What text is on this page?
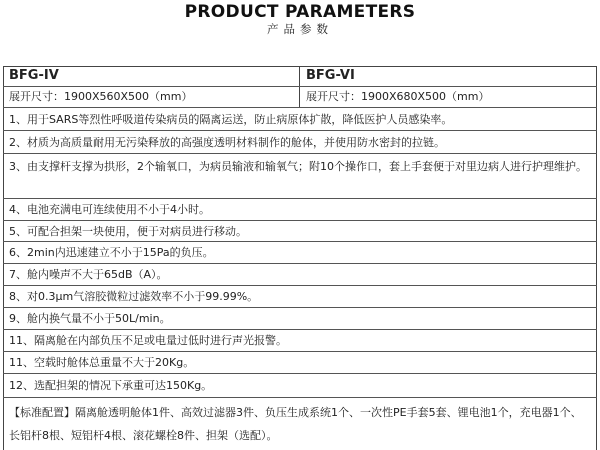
PRODUCT PARAMETERS
产品参数
BFG-IV	BFG-VI
展开尺寸：1900X560X500（mm）	展开尺寸：1900X680X500（mm）
1、用于SARS等烈性呼吸道传染病员的隔离运送，防止病原体扩散，降低医护人员感染率。
2、材质为高质量耐用无污染释放的高强度透明材料制作的舱体，并使用防水密封的拉链。
3、由支撑杆支撑为拱形，2个输氧口，为病员输液和输氧气；附10个操作口，套上手套便于对里边病人进行护理维护。
4、电池充满电可连续使用不小于4小时。
5、可配合担架一块使用，便于对病员进行移动。
6、2min内迅速建立不小于15Pa的负压。
7、舱内噪声不大于65dB（A）。
8、对0.3μm气溶胶微粒过滤效率不小于99.99%。
9、舱内换气量不小于50L/min。
11、隔离舱在内部负压不足或电量过低时进行声光报警。
11、空载时舱体总重量不大于20Kg。
12、选配担架的情况下承重可达150Kg。
【标准配置】隔离舱透明舱体1件、高效过滤器3件、负压生成系统1个、一次性PE手套5套、锂电池1个，充电器1个、长铝杆8根、短铝杆4根、滚花螺栓8件、担架（选配）。
